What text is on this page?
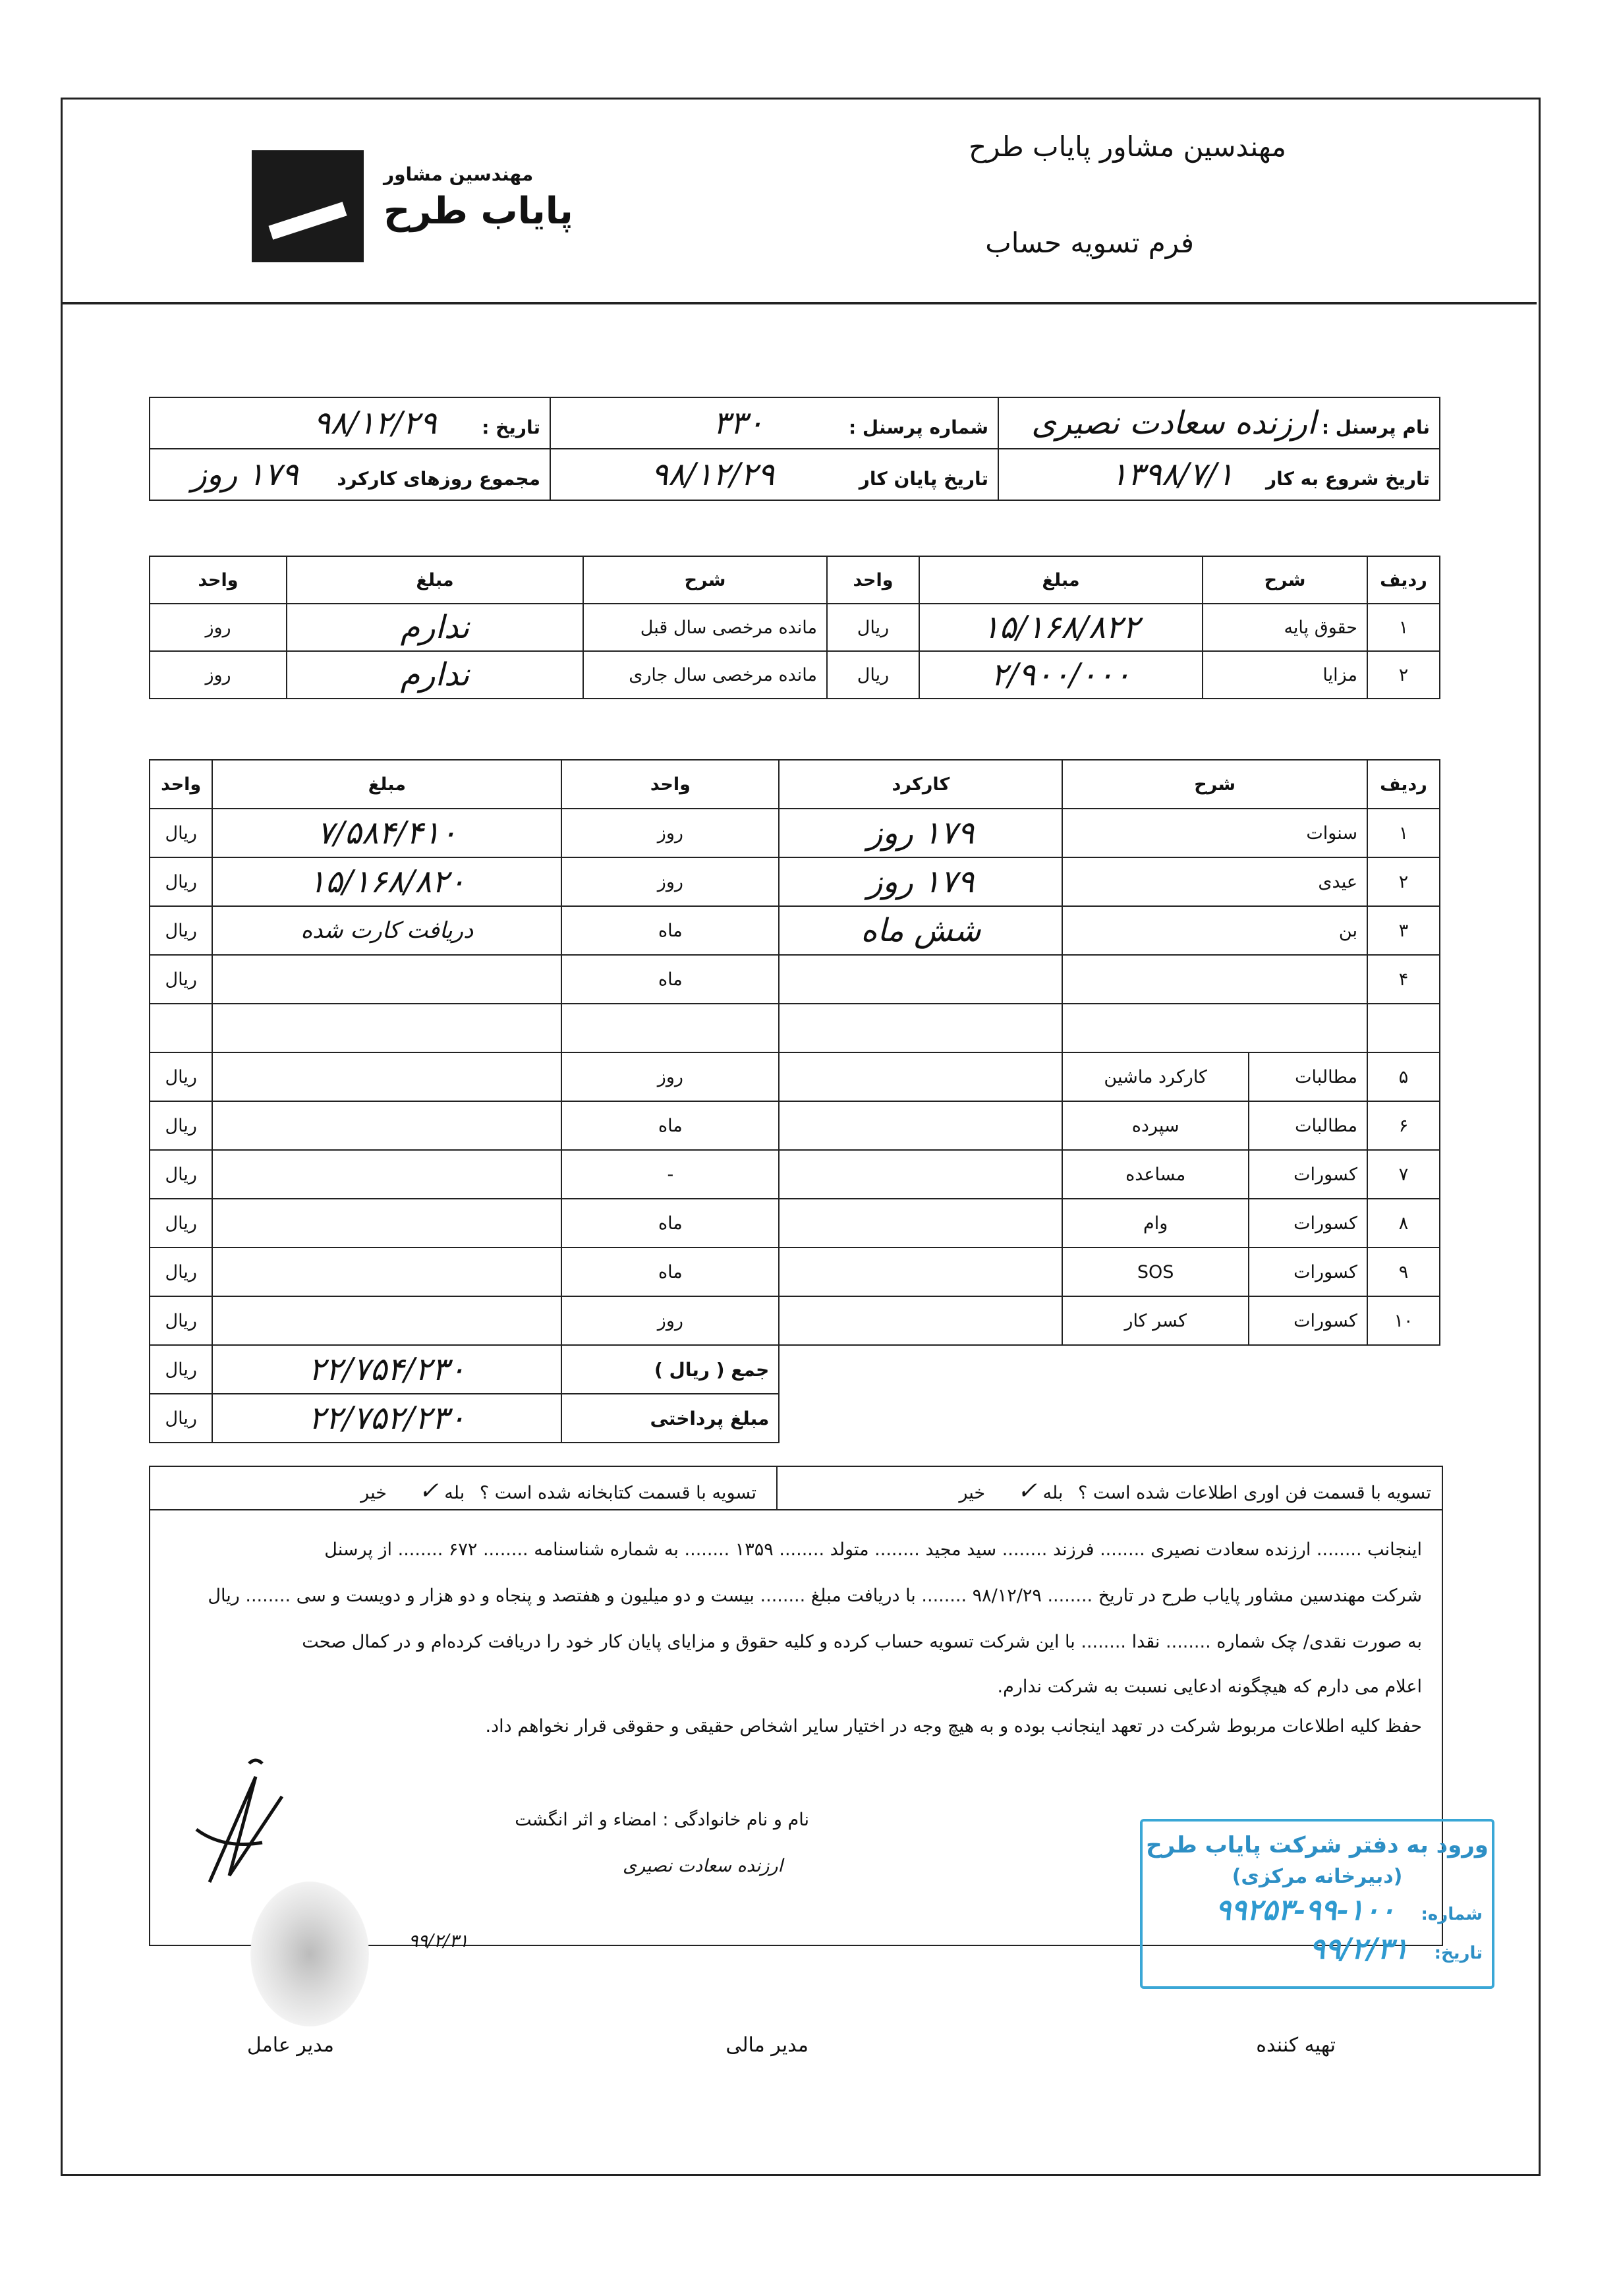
مهندسین مشاور پایاب طرح
فرم تسویه حساب
مهندسین مشاور
پایاب طرح
نام پرسنل : ارزنده سعادت نصیری	شماره پرسنل : ۳۳۰	تاریخ : ۹۸/۱۲/۲۹
تاریخ شروع به کار ۱۳۹۸/۷/۱	تاریخ پایان کار ۹۸/۱۲/۲۹	مجموع روزهای کارکرد ۱۷۹ روز
ردیف	شرح	مبلغ	واحد	شرح	مبلغ	واحد
۱	حقوق پایه	۱۵/۱۶۸/۸۲۲	ریال	مانده مرخصی سال قبل	ندارم	روز
۲	مزایا	۲/۹۰۰/۰۰۰	ریال	مانده مرخصی سال جاری	ندارم	روز
ردیف	شرح		کارکرد	واحد	مبلغ	واحد
۱	سنوات		۱۷۹ روز	روز	۷/۵۸۴/۴۱۰	ریال
۲	عیدی		۱۷۹ روز	روز	۱۵/۱۶۸/۸۲۰	ریال
۳	بن		شش ماه	ماه	دریافت کارت شده	ریال
۴				ماه		ریال

۵	مطالبات	کارکرد ماشین		روز		ریال
۶	مطالبات	سپرده		ماه		ریال
۷	کسورات	مساعده		-		ریال
۸	کسورات	وام		ماه		ریال
۹	کسورات	SOS		ماه		ریال
۱۰	کسورات	کسر کار		روز		ریال
				جمع ( ریال )	۲۲/۷۵۴/۲۳۰	ریال
				مبلغ پرداختی	۲۲/۷۵۲/۲۳۰	ریال
تسویه با قسمت فن اوری اطلاعات شده است ؟ بله ✓ خیر
تسویه با قسمت کتابخانه شده است ؟ بله ✓ خیر
اینجانب ........ ارزنده سعادت نصیری ........ فرزند ........ سید مجید ........ متولد ........ ۱۳۵۹ ........ به شماره شناسنامه ........ ۶۷۲ ........ از پرسنل
شرکت مهندسین مشاور پایاب طرح در تاریخ ........ ۹۸/۱۲/۲۹ ........ با دریافت مبلغ ........ بیست و دو میلیون و هفتصد و پنجاه و دو هزار و دویست و سی ........ ریال
به صورت نقدی/ چک شماره ........ نقدا ........ با این شرکت تسویه حساب کرده و کلیه حقوق و مزایای پایان کار خود را دریافت کرده‌ام و در کمال صحت
اعلام می دارم که هیچگونه ادعایی نسبت به شرکت ندارم.
حفظ کلیه اطلاعات مربوط شرکت در تعهد اینجانب بوده و به هیچ وجه در اختیار سایر اشخاص حقیقی و حقوقی قرار نخواهم داد.
نام و نام خانوادگی : امضاء و اثر انگشت
ارزنده سعادت نصیری
۹۹/۲/۳۱
ورود به دفتر شرکت پایاب طرح
(دبیرخانه مرکزی)
شماره: ۱۰۰-۹۹-۹۹۲۵۳
تاریخ: ۹۹/۲/۳۱
تهیه کننده
مدیر مالی
مدیر عامل
